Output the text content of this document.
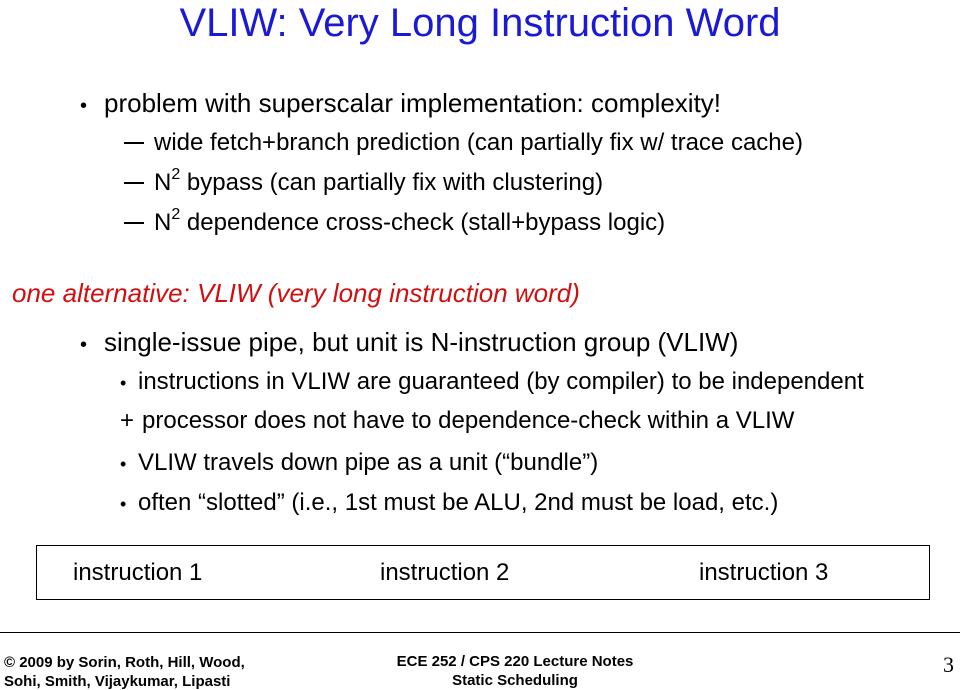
VLIW: Very Long Instruction Word
• problem with superscalar implementation: complexity!
wide fetch+branch prediction (can partially fix w/ trace cache)
$N^2$ bypass (can partially fix with clustering)
$N^2$ dependence cross-check (stall+bypass logic)
one alternative: VLIW (very long instruction word)
• single-issue pipe, but unit is N-instruction group (VLIW)
• instructions in VLIW are guaranteed (by compiler) to be independent
+ processor does not have to dependence-check within a VLIW
• VLIW travels down pipe as a unit (“bundle”)
• often “slotted” (i.e., 1st must be ALU, 2nd must be load, etc.)
instruction 1	instruction 2	instruction 3
© 2009 by Sorin, Roth, Hill, Wood,
Sohi, Smith, Vijaykumar, Lipasti
ECE 252 / CPS 220 Lecture Notes
Static Scheduling
3
